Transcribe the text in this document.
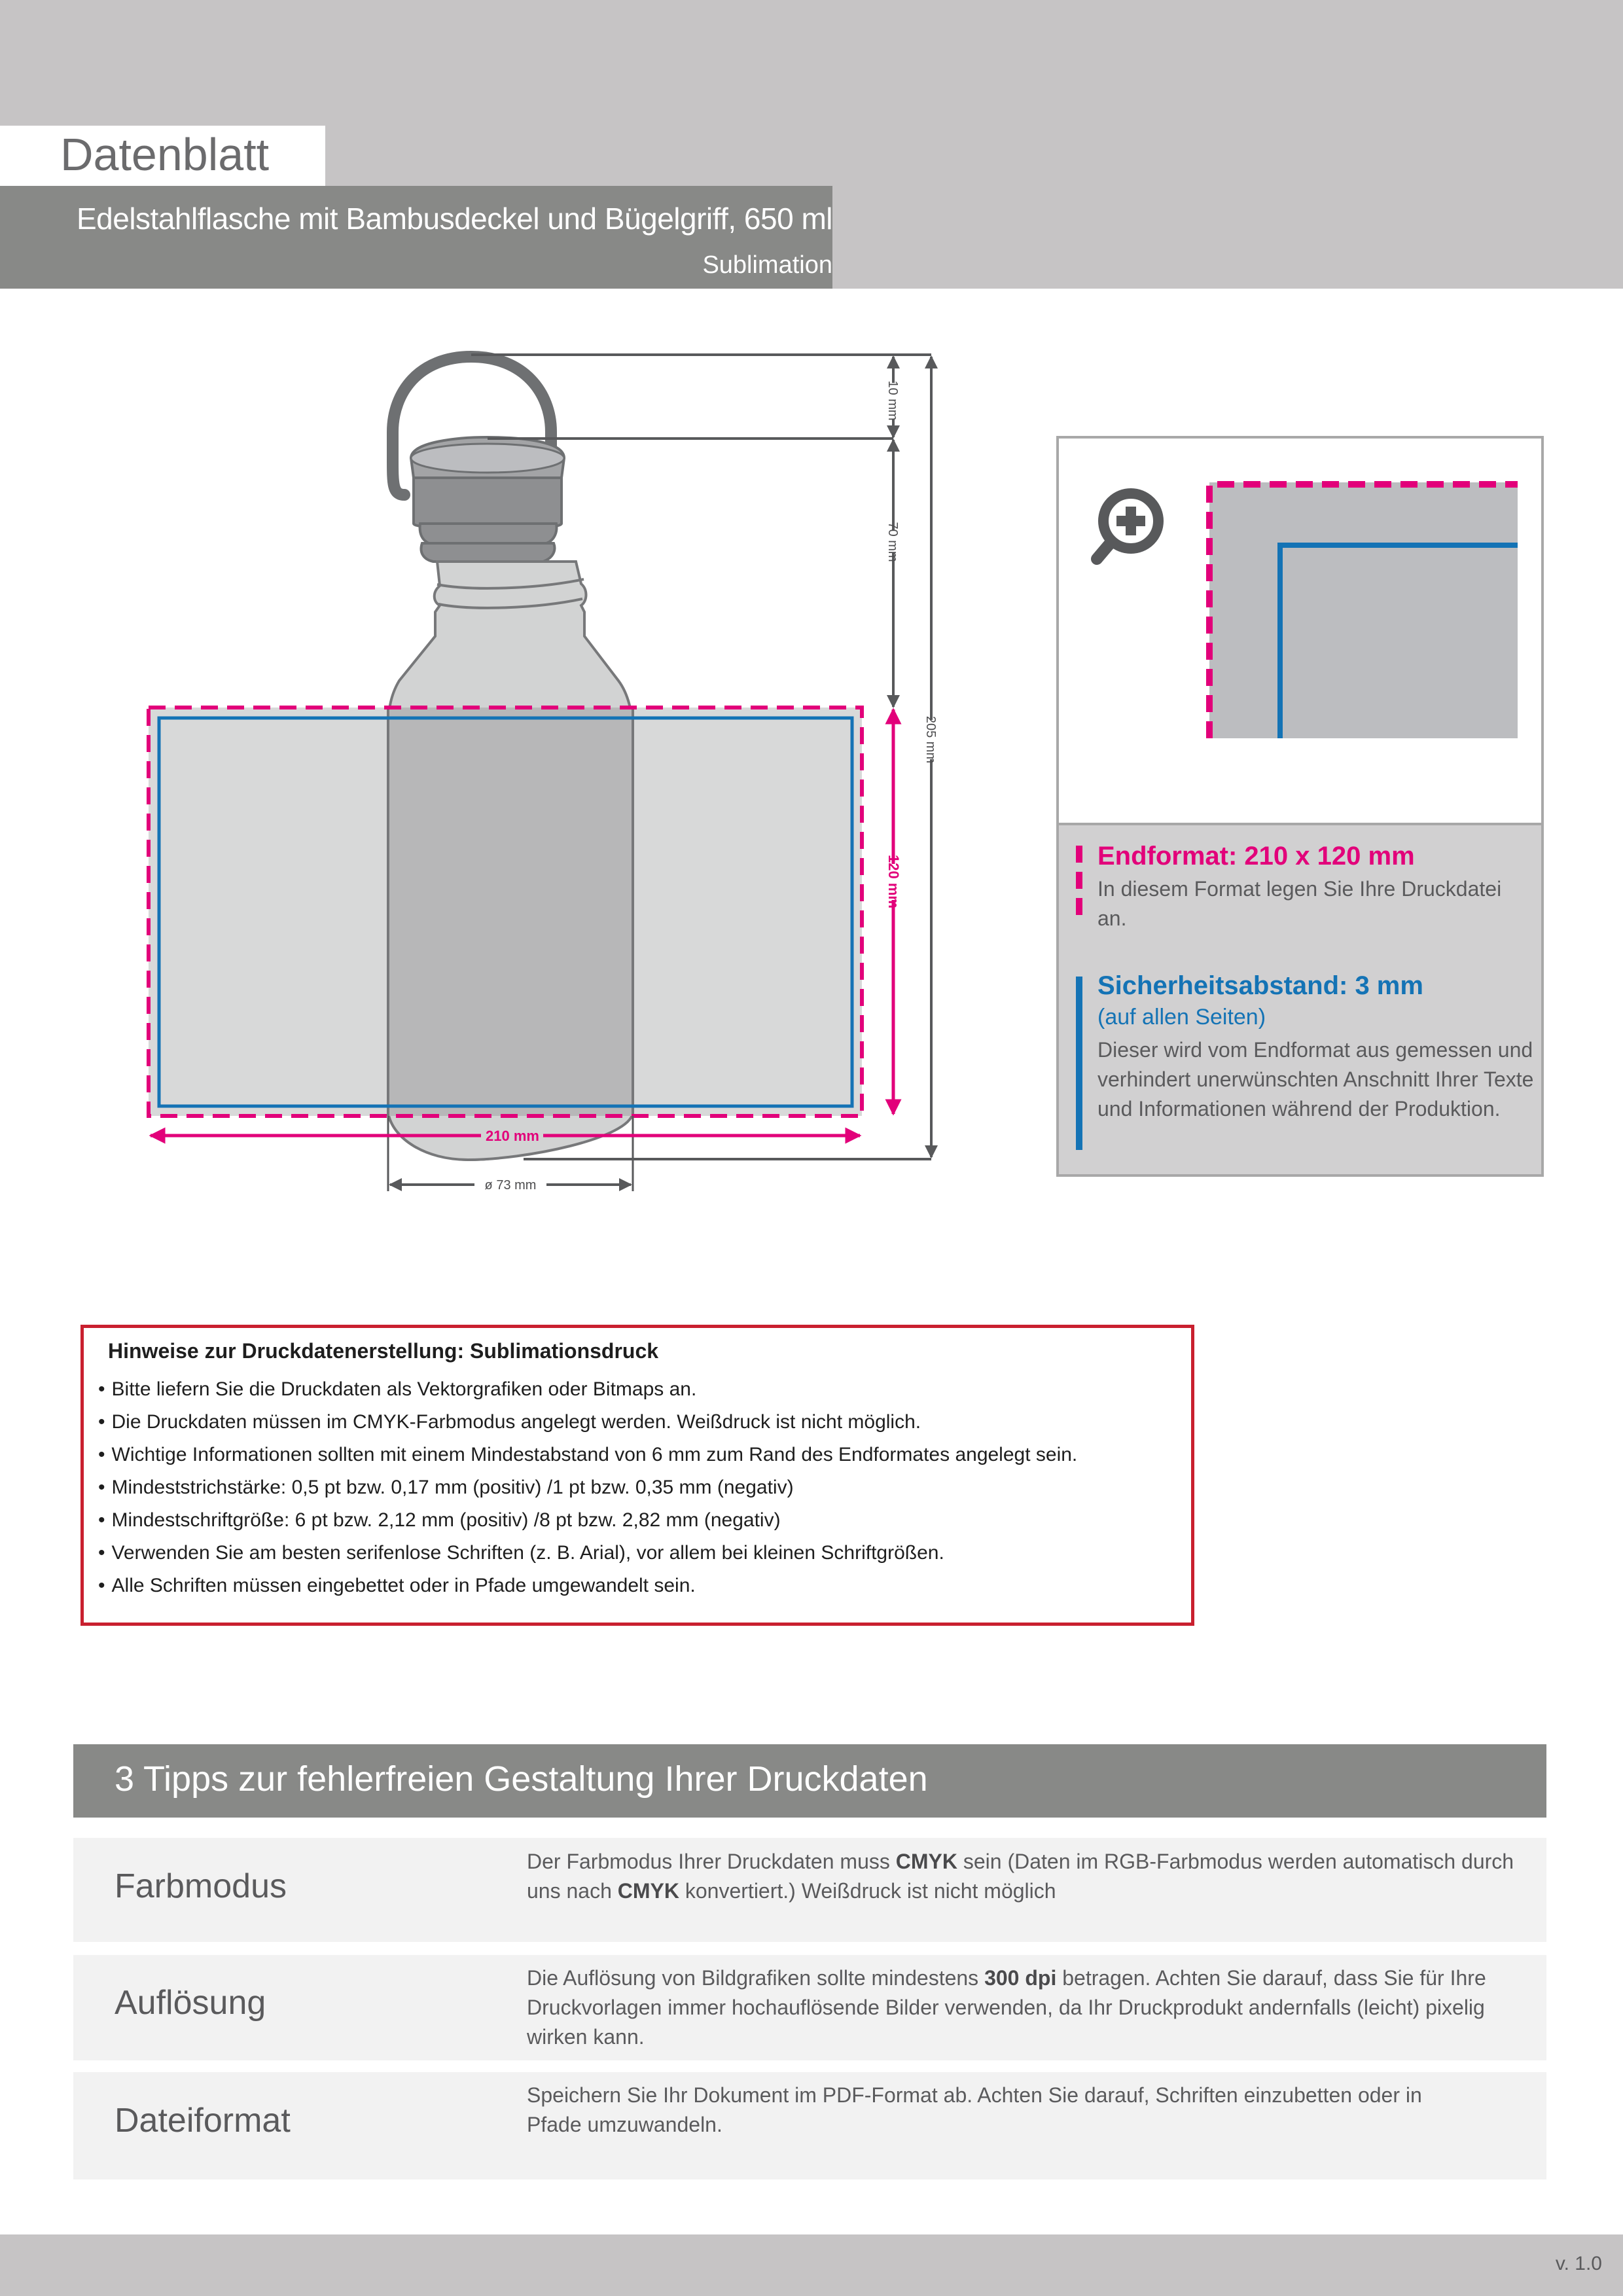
Datenblatt
Edelstahlflasche mit Bambusdeckel und Bügelgriff, 650 ml
Sublimation
10 mm
70 mm
205 mm
ø 73 mm
120 mm
210 mm
Endformat: 210 x 120 mm
In diesem Format legen Sie Ihre Druckdatei an.
Sicherheitsabstand: 3 mm
(auf allen Seiten)
Dieser wird vom Endformat aus gemessen und verhindert unerwünschten Anschnitt Ihrer Texte und Informationen während der Produktion.
Hinweise zur Druckdatenerstellung: Sublimationsdruck
• Bitte liefern Sie die Druckdaten als Vektorgrafiken oder Bitmaps an.
• Die Druckdaten müssen im CMYK-Farbmodus angelegt werden. Weißdruck ist nicht möglich.
• Wichtige Informationen sollten mit einem Mindestabstand von 6 mm zum Rand des Endformates angelegt sein.
• Mindeststrichstärke: 0,5 pt bzw. 0,17 mm (positiv) /1 pt bzw. 0,35 mm (negativ)
• Mindestschriftgröße: 6 pt bzw. 2,12 mm (positiv) /8 pt bzw. 2,82 mm (negativ)
• Verwenden Sie am besten serifenlose Schriften (z. B. Arial), vor allem bei kleinen Schriftgrößen.
• Alle Schriften müssen eingebettet oder in Pfade umgewandelt sein.
3 Tipps zur fehlerfreien Gestaltung Ihrer Druckdaten
Farbmodus
Der Farbmodus Ihrer Druckdaten muss CMYK sein (Daten im RGB-Farbmodus werden automatisch durch uns nach CMYK konvertiert.) Weißdruck ist nicht möglich
Auflösung
Die Auflösung von Bildgrafiken sollte mindestens 300 dpi betragen. Achten Sie darauf, dass Sie für Ihre Druckvorlagen immer hochauflösende Bilder verwenden, da Ihr Druckprodukt andernfalls (leicht) pixelig wirken kann.
Dateiformat
Speichern Sie Ihr Dokument im PDF-Format ab. Achten Sie darauf, Schriften einzubetten oder in Pfade umzuwandeln.
v. 1.0
